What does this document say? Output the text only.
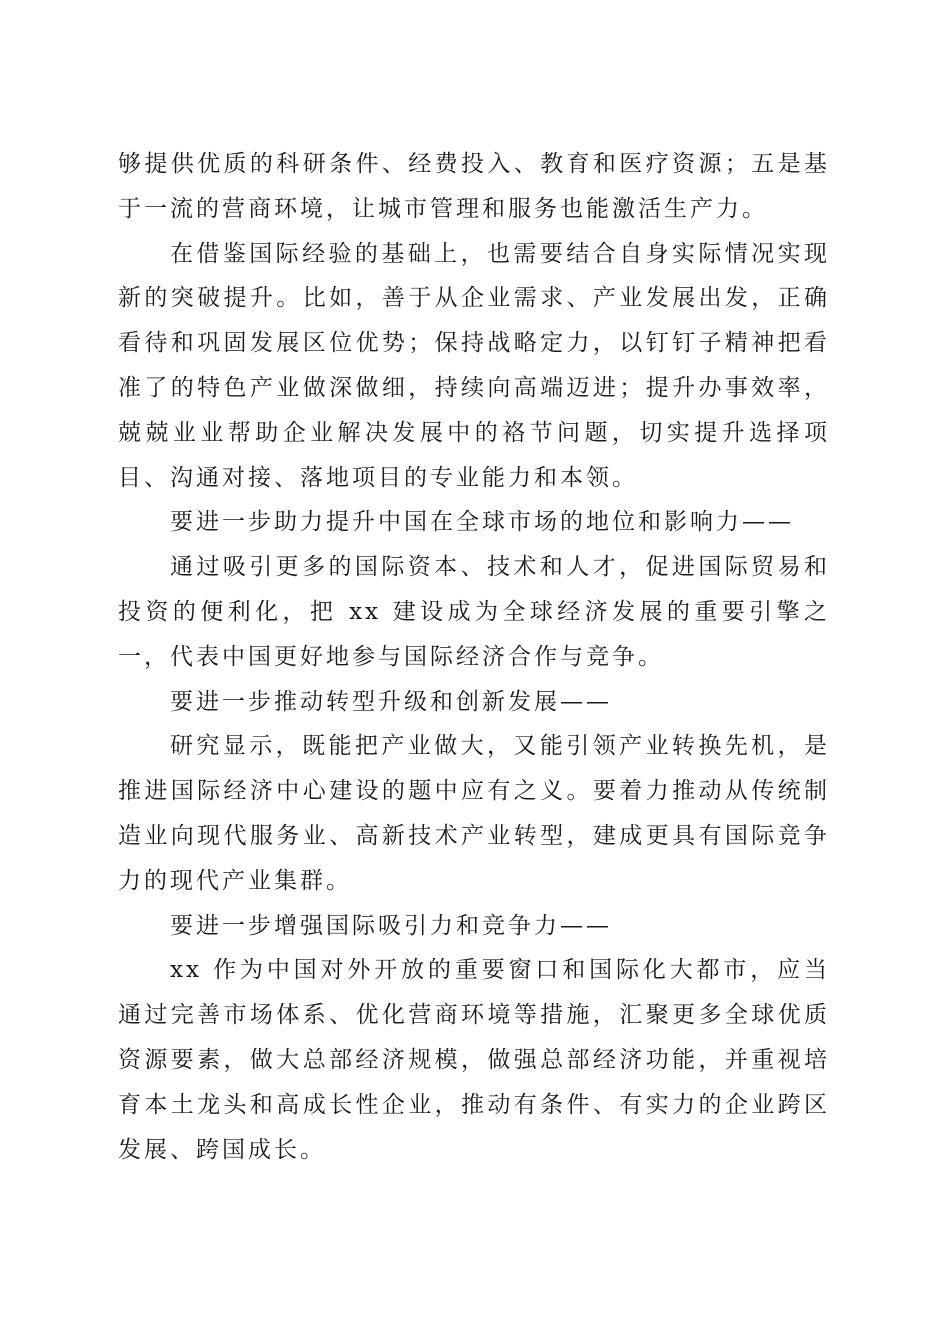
够提供优质的科研条件、经费投入、教育和医疗资源；五是基于一流的营商环境，让城市管理和服务也能激活生产力。

在借鉴国际经验的基础上，也需要结合自身实际情况实现新的突破提升。比如，善于从企业需求、产业发展出发，正确看待和巩固发展区位优势；保持战略定力，以钉钉子精神把看准了的特色产业做深做细，持续向高端迈进；提升办事效率，兢兢业业帮助企业解决发展中的袼节问题，切实提升选择项目、沟通对接、落地项目的专业能力和本领。

要进一步助力提升中国在全球市场的地位和影响力——

通过吸引更多的国际资本、技术和人才，促进国际贸易和投资的便利化，把 xx 建设成为全球经济发展的重要引擎之一，代表中国更好地参与国际经济合作与竞争。

要进一步推动转型升级和创新发展——

研究显示，既能把产业做大，又能引领产业转换先机，是推进国际经济中心建设的题中应有之义。要着力推动从传统制造业向现代服务业、高新技术产业转型，建成更具有国际竞争力的现代产业集群。

要进一步增强国际吸引力和竞争力——

xx 作为中国对外开放的重要窗口和国际化大都市，应当通过完善市场体系、优化营商环境等措施，汇聚更多全球优质资源要素，做大总部经济规模，做强总部经济功能，并重视培育本土龙头和高成长性企业，推动有条件、有实力的企业跨区发展、跨国成长。
